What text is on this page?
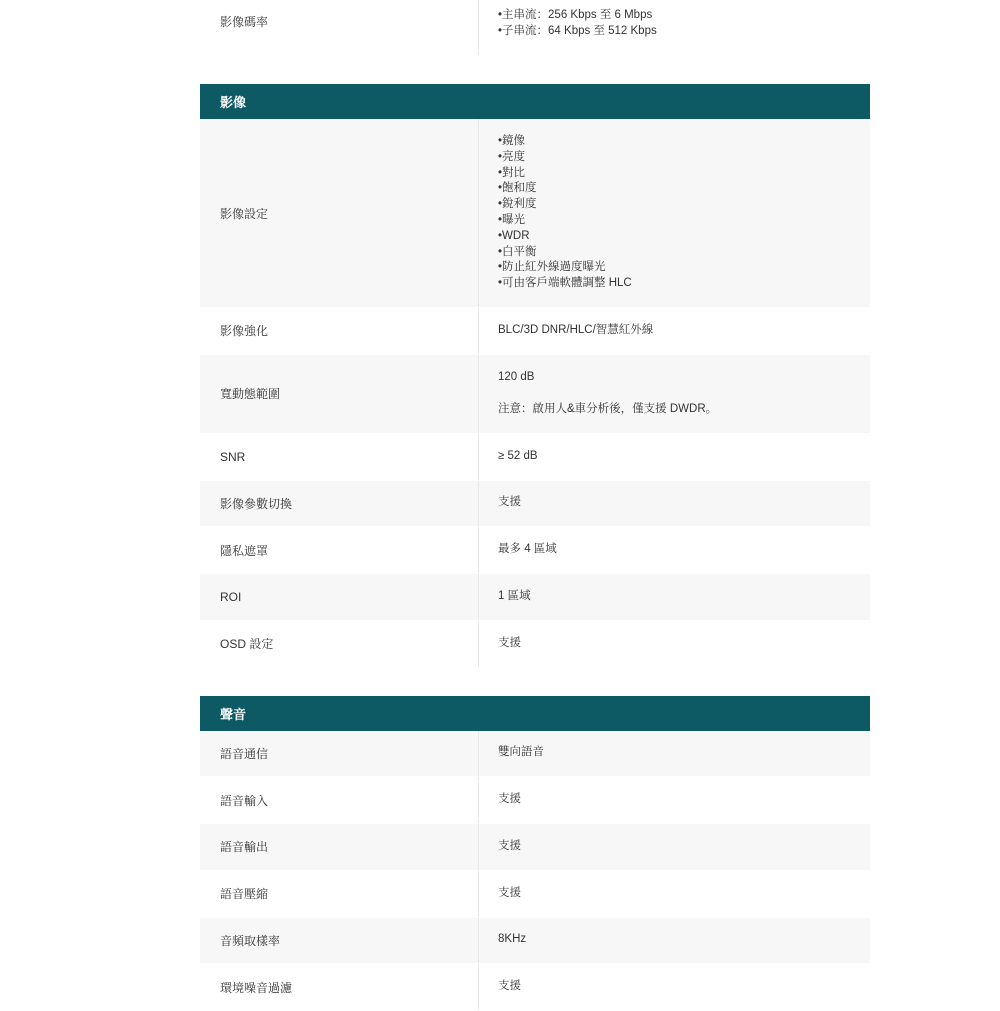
影像碼率
•	主串流：256 Kbps 至 6 Mbps
• 子串流：64 Kbps 至 512 Kbps
影像
影像設定
• 鏡像
• 亮度
• 對比
• 飽和度
• 銳利度
• 曝光
• WDR
• 白平衡
• 防止紅外線過度曝光
• 可由客戶端軟體調整 HLC
影像強化	BLC/3D DNR/HLC/智慧紅外線
寬動態範圍
120 dB
注意：啟用人&車分析後，僅支援 DWDR。
SNR	≥ 52 dB
影像參數切換	支援
隱私遮罩	最多 4 區域
ROI	1 區域
OSD 設定	支援
聲音
語音通信	雙向語音
語音輸入	支援
語音輸出	支援
語音壓縮	支援
音頻取樣率	8KHz
環境噪音過濾	支援
